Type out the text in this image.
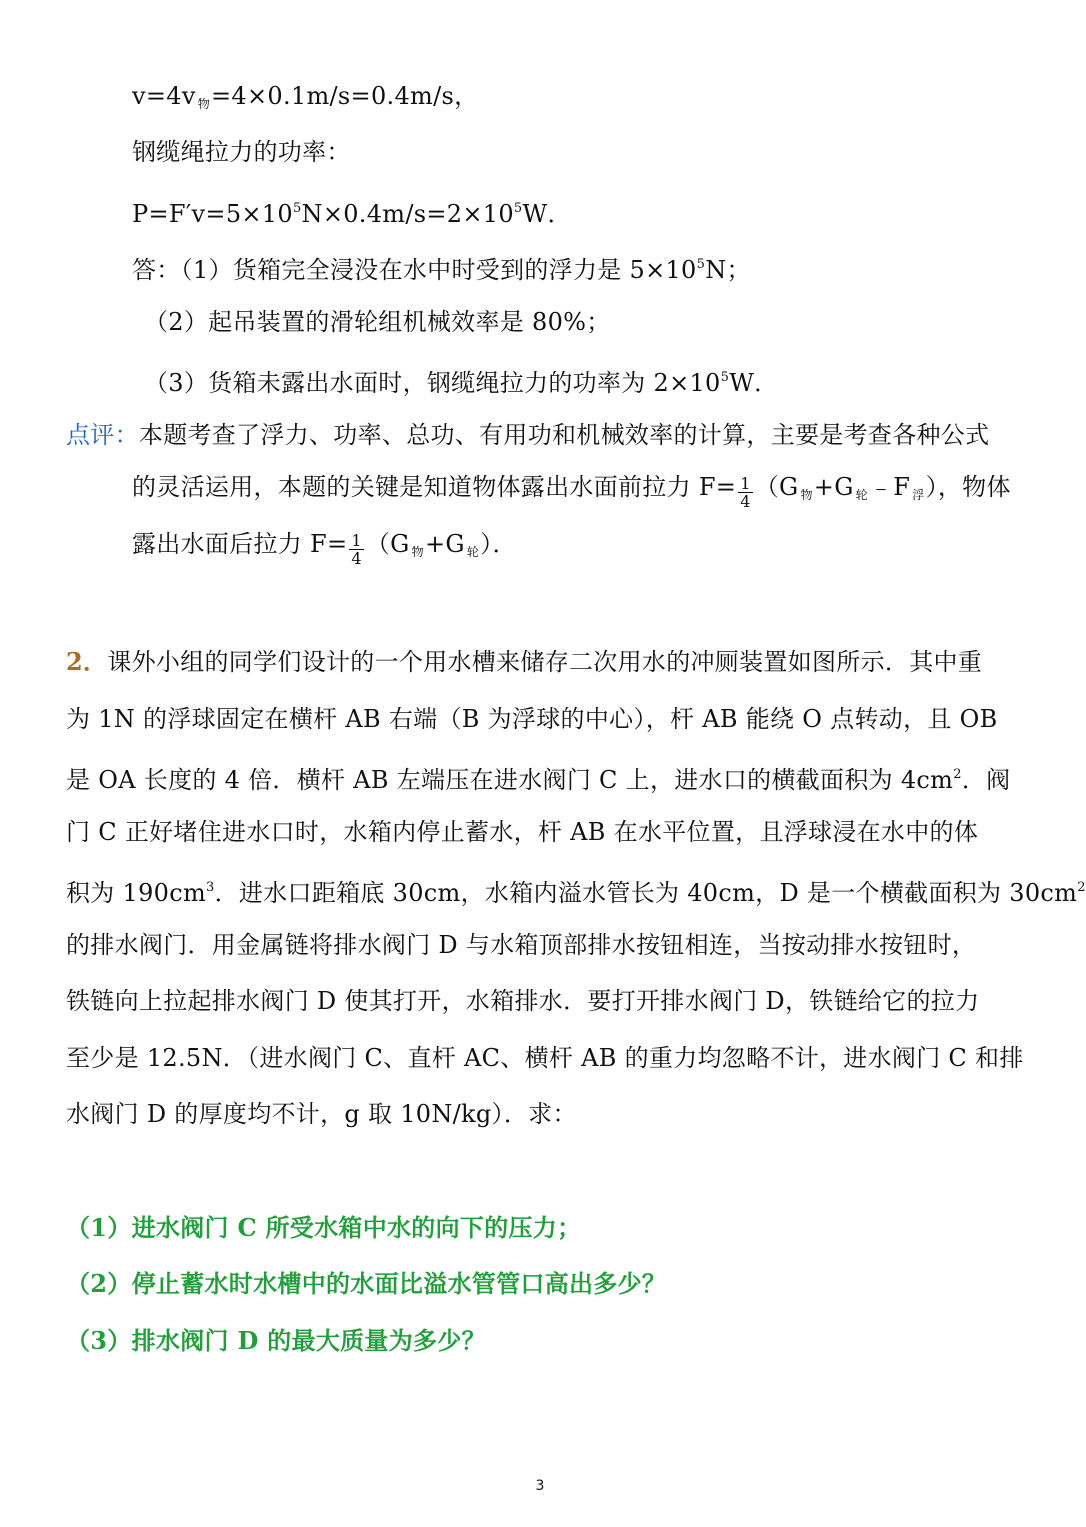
v=4v $_物$=4×0.1m/s=0.4m/s，
钢缆绳拉力的功率：
$P=F'v=5\times 10^5N\times 0.4m/s=2\times 10^5W$．
答：（1）货箱完全浸没在水中时受到的浮力是 $5\times 10^5N$；
（2）起吊装置的滑轮组机械效率是 80%；
（3）货箱未露出水面时，钢缆绳拉力的功率为 $2\times 10^5W$．
点评：本题考查了浮力、功率、总功、有用功和机械效率的计算，主要是考查各种公式
的灵活运用，本题的关键是知道物体露出水面前拉力 $F= \frac{1}{4} (G$ $_物$+G $_轮$﹣F $_浮$），物体
露出水面后拉力 $F= \frac{1}{4} (G$ $_物$+G $_轮$）．
2．课外小组的同学们设计的一个用水槽来储存二次用水的冲厕装置如图所示．其中重
为 1N 的浮球固定在横杆 AB 右端（B 为浮球的中心），杆 AB 能绕 O 点转动，且 OB
是 OA 长度的 4 倍．横杆 AB 左端压在进水阀门 C 上，进水口的横截面积为 $4cm^2$．阀
门 C 正好堵住进水口时，水箱内停止蓄水，杆 AB 在水平位置，且浮球浸在水中的体
积为 $190cm^3$．进水口距箱底 30cm，水箱内溢水管长为 40cm，D 是一个横截面积为 $30cm^2$
的排水阀门．用金属链将排水阀门 D 与水箱顶部排水按钮相连，当按动排水按钮时，
铁链向上拉起排水阀门 D 使其打开，水箱排水．要打开排水阀门 D，铁链给它的拉力
至少是 12.5N．（进水阀门 C、直杆 AC、横杆 AB 的重力均忽略不计，进水阀门 C 和排
水阀门 D 的厚度均不计，g 取 10N/kg）．求：
（1）进水阀门 C 所受水箱中水的向下的压力；
（2）停止蓄水时水槽中的水面比溢水管管口高出多少？
（3）排水阀门 D 的最大质量为多少？
3
